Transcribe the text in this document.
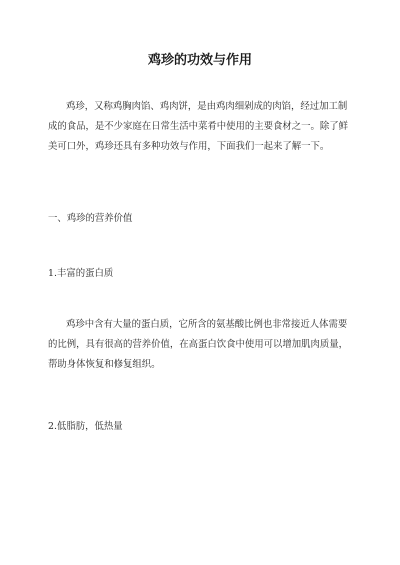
鸡珍的功效与作用

鸡珍，又称鸡胸肉馅、鸡肉饼，是由鸡肉细剁成的肉馅，经过加工制
成的食品，是不少家庭在日常生活中菜肴中使用的主要食材之一。除了鲜
美可口外，鸡珍还具有多种功效与作用，下面我们一起来了解一下。

一、鸡珍的营养价值
1.丰富的蛋白质

鸡珍中含有大量的蛋白质，它所含的氨基酸比例也非常接近人体需要
的比例，具有很高的营养价值，在高蛋白饮食中使用可以增加肌肉质量，
帮助身体恢复和修复组织。

2.低脂肪，低热量
